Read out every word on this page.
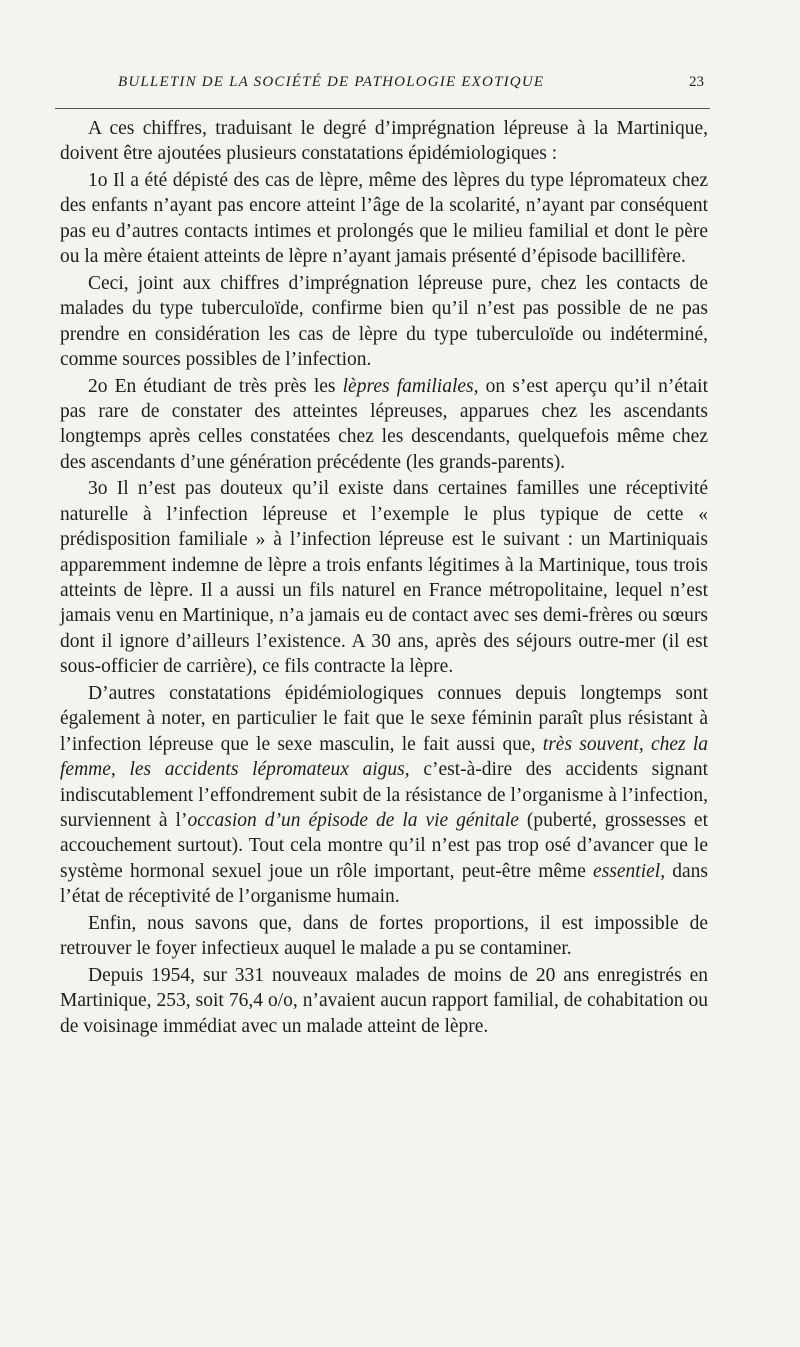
BULLETIN DE LA SOCIÉTÉ DE PATHOLOGIE EXOTIQUE	23

A ces chiffres, traduisant le degré d’imprégnation lépreuse à la Martinique, doivent être ajoutées plusieurs constatations épidémiologiques :

1o Il a été dépisté des cas de lèpre, même des lèpres du type lépromateux chez des enfants n’ayant pas encore atteint l’âge de la scolarité, n’ayant par conséquent pas eu d’autres contacts intimes et prolongés que le milieu familial et dont le père ou la mère étaient atteints de lèpre n’ayant jamais présenté d’épisode bacillifère.

Ceci, joint aux chiffres d’imprégnation lépreuse pure, chez les contacts de malades du type tuberculoïde, confirme bien qu’il n’est pas possible de ne pas prendre en considération les cas de lèpre du type tuberculoïde ou indéterminé, comme sources possibles de l’infection.

2o En étudiant de très près les lèpres familiales, on s’est aperçu qu’il n’était pas rare de constater des atteintes lépreuses, apparues chez les ascendants longtemps après celles constatées chez les descendants, quelquefois même chez des ascendants d’une génération précédente (les grands-parents).

3o Il n’est pas douteux qu’il existe dans certaines familles une réceptivité naturelle à l’infection lépreuse et l’exemple le plus typique de cette « prédisposition familiale » à l’infection lépreuse est le suivant : un Martiniquais apparemment indemne de lèpre a trois enfants légitimes à la Martinique, tous trois atteints de lèpre. Il a aussi un fils naturel en France métropolitaine, lequel n’est jamais venu en Martinique, n’a jamais eu de contact avec ses demi-frères ou sœurs dont il ignore d’ailleurs l’existence. A 30 ans, après des séjours outre-mer (il est sous-officier de carrière), ce fils contracte la lèpre.

D’autres constatations épidémiologiques connues depuis longtemps sont également à noter, en particulier le fait que le sexe féminin paraît plus résistant à l’infection lépreuse que le sexe masculin, le fait aussi que, très souvent, chez la femme, les accidents lépromateux aigus, c’est-à-dire des accidents signant indiscutablement l’effondrement subit de la résistance de l’organisme à l’infection, surviennent à l’occasion d’un épisode de la vie génitale (puberté, grossesses et accouchement surtout). Tout cela montre qu’il n’est pas trop osé d’avancer que le système hormonal sexuel joue un rôle important, peut-être même essentiel, dans l’état de réceptivité de l’organisme humain.

Enfin, nous savons que, dans de fortes proportions, il est impossible de retrouver le foyer infectieux auquel le malade a pu se contaminer.

Depuis 1954, sur 331 nouveaux malades de moins de 20 ans enregistrés en Martinique, 253, soit 76,4 o/o, n’avaient aucun rapport familial, de cohabitation ou de voisinage immédiat avec un malade atteint de lèpre.
